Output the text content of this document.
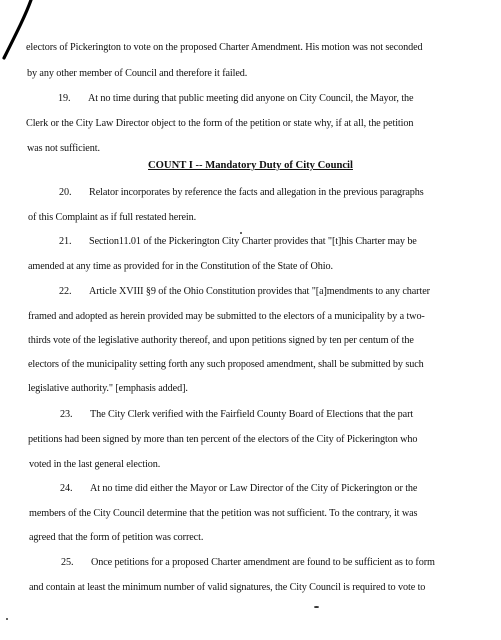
electors of Pickerington to vote on the proposed Charter Amendment. His motion was not seconded
by any other member of Council and therefore it failed.
19. At no time during that public meeting did anyone on City Council, the Mayor, the
Clerk or the City Law Director object to the form of the petition or state why, if at all, the petition
was not sufficient.
COUNT I -- Mandatory Duty of City Council
20. Relator incorporates by reference the facts and allegation in the previous paragraphs
of this Complaint as if full restated herein.
21. Section11.01 of the Pickerington City Charter provides that "[t]his Charter may be
amended at any time as provided for in the Constitution of the State of Ohio.
22. Article XVIII §9 of the Ohio Constitution provides that "[a]mendments to any charter
framed and adopted as herein provided may be submitted to the electors of a municipality by a two-
thirds vote of the legislative authority thereof, and upon petitions signed by ten per centum of the
electors of the municipality setting forth any such proposed amendment, shall be submitted by such
legislative authority." [emphasis added].
23. The City Clerk verified with the Fairfield County Board of Elections that the part
petitions had been signed by more than ten percent of the electors of the City of Pickerington who
voted in the last general election.
24. At no time did either the Mayor or Law Director of the City of Pickerington or the
members of the City Council determine that the petition was not sufficient. To the contrary, it was
agreed that the form of petition was correct.
25. Once petitions for a proposed Charter amendment are found to be sufficient as to form
and contain at least the minimum number of valid signatures, the City Council is required to vote to
